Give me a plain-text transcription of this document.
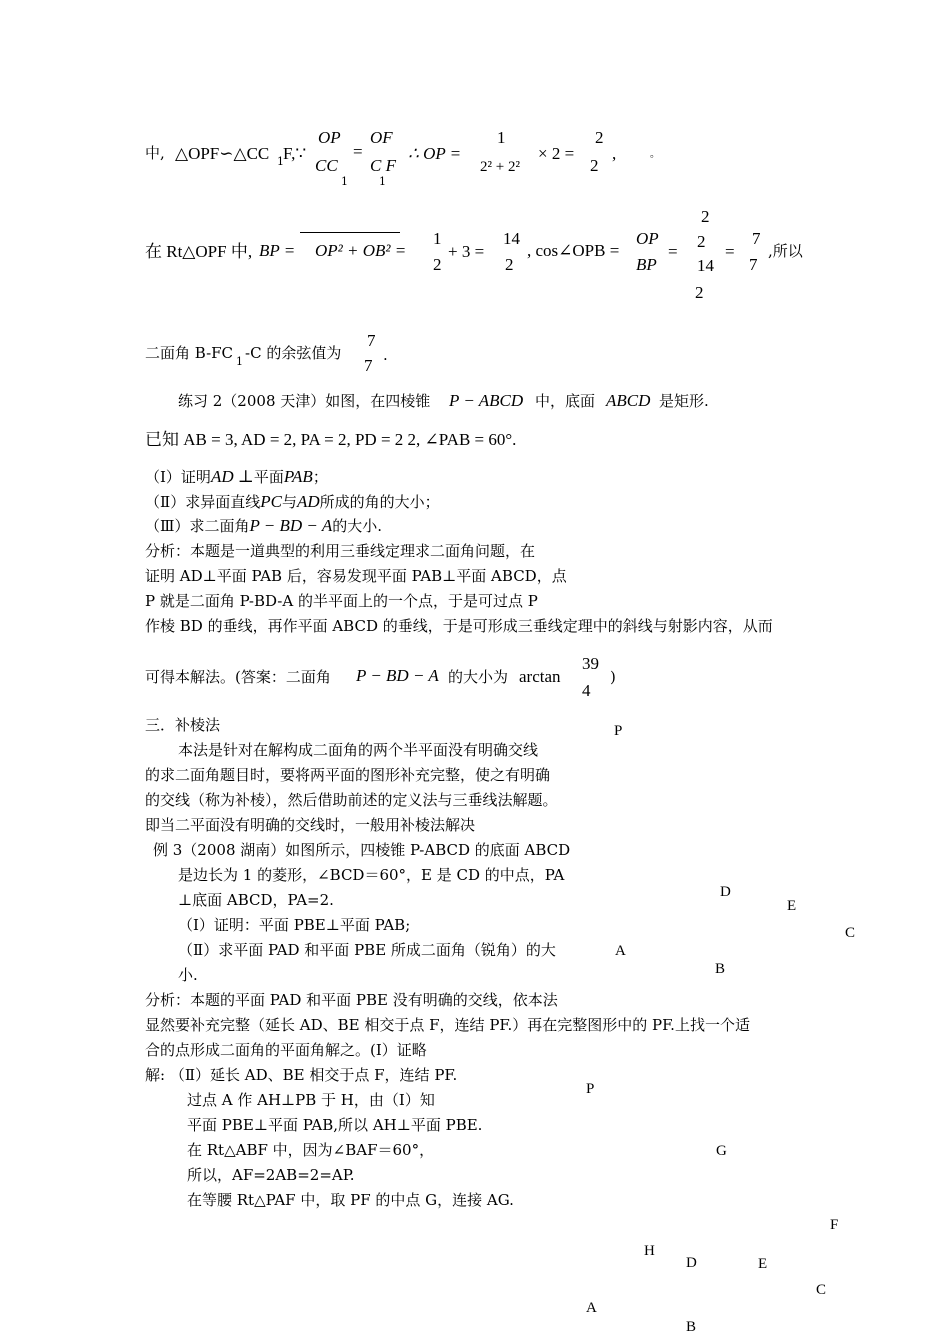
中, △OPF∽△CC 1 F,∵
OP
CC
1
=
OF
C F
1
∴ OP =
1
2² + 2²
× 2 =
2
2
,	。
在 Rt△OPF 中, BP = OP² + OB² =
1
2
+ 3 =
14
2
, cos∠OPB =
OP
BP
=
2
2
14
2
=
7
7
,所以
二面角 B-FC 1 -C 的余弦值为
7
7
.
练习 2（2008 天津）如图，在四棱锥 P − ABCD 中，底面 ABCD 是矩形.
已知 AB = 3, AD = 2, PA = 2, PD = 2 2, ∠PAB = 60°.
（Ⅰ）证明AD ⊥平面PAB；
（Ⅱ）求异面直线PC与AD所成的角的大小；
（Ⅲ）求二面角P − BD − A的大小.
分析：本题是一道典型的利用三垂线定理求二面角问题，在
证明 AD⊥平面 PAB 后，容易发现平面 PAB⊥平面 ABCD，点
P 就是二面角 P-BD-A 的半平面上的一个点，于是可过点 P
作棱 BD 的垂线，再作平面 ABCD 的垂线，于是可形成三垂线定理中的斜线与射影内容，从而
可得本解法。(答案：二面角 P − BD − A 的大小为 arctan
39
4
)
三．补棱法
本法是针对在解构成二面角的两个半平面没有明确交线
的求二面角题目时，要将两平面的图形补充完整，使之有明确
的交线（称为补棱），然后借助前述的定义法与三垂线法解题。
即当二平面没有明确的交线时，一般用补棱法解决
例 3（2008 湖南）如图所示，四棱锥 P-ABCD 的底面 ABCD
是边长为 1 的菱形，∠BCD＝60°，E 是 CD 的中点，PA
⊥底面 ABCD，PA=2.
（Ⅰ）证明：平面 PBE⊥平面 PAB;
（Ⅱ）求平面 PAD 和平面 PBE 所成二面角（锐角）的大
小.
分析：本题的平面 PAD 和平面 PBE 没有明确的交线，依本法
显然要补充完整（延长 AD、BE 相交于点 F，连结 PF.）再在完整图形中的 PF.上找一个适
合的点形成二面角的平面角解之。(Ⅰ）证略
解: （Ⅱ）延长 AD、BE 相交于点 F，连结 PF.
过点 A 作 AH⊥PB 于 H，由（Ⅰ）知
平面 PBE⊥平面 PAB,所以 AH⊥平面 PBE.
在 Rt△ABF 中，因为∠BAF＝60°，
所以，AF=2AB=2=AP.
在等腰 Rt△PAF 中，取 PF 的中点 G，连接 AG.
P
D
E
C
A
B
P
G
F
H
D	E
C
A
B
